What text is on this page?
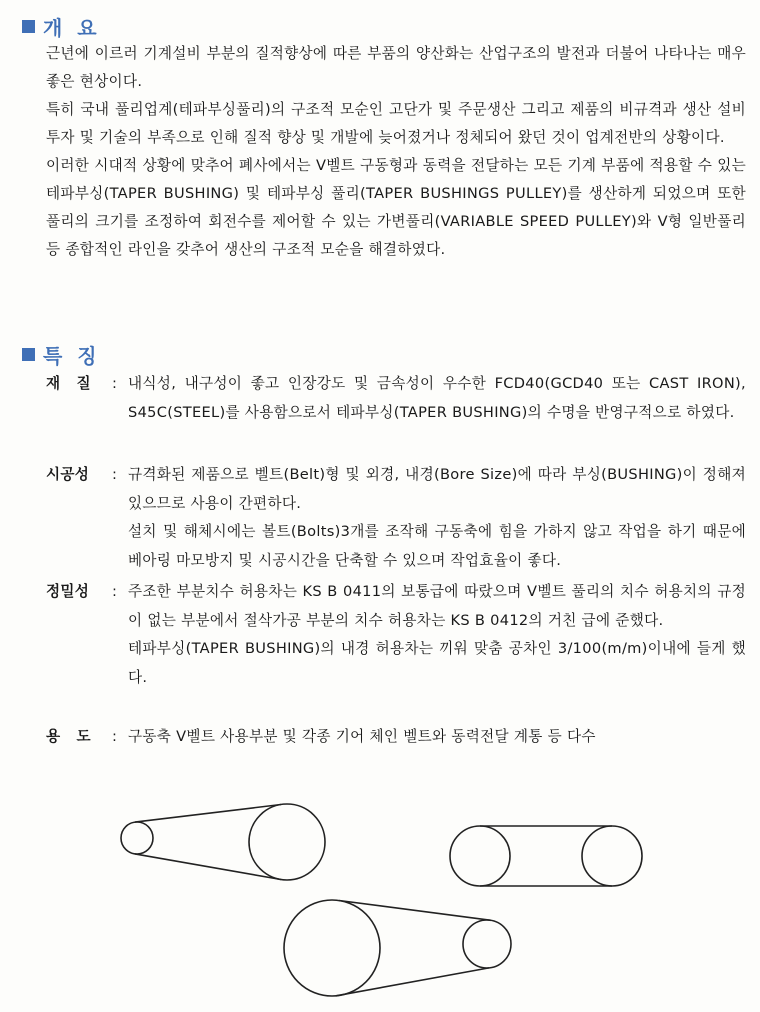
개 요

근년에 이르러 기계설비 부분의 질적향상에 따른 부품의 양산화는 산업구조의 발전과 더불어 나타나는 매우 좋은 현상이다.

특히 국내 풀리업계(테파부싱풀리)의 구조적 모순인 고단가 및 주문생산 그리고 제품의 비규격과 생산 설비투자 및 기술의 부족으로 인해 질적 향상 및 개발에 늦어졌거나 정체되어 왔던 것이 업계전반의 상황이다.

이러한 시대적 상황에 맞추어 폐사에서는 V벨트 구동형과 동력을 전달하는 모든 기계 부품에 적용할 수 있는 테파부싱(TAPER BUSHING) 및 테파부싱 풀리(TAPER BUSHINGS PULLEY)를 생산하게 되었으며 또한 풀리의 크기를 조정하여 회전수를 제어할 수 있는 가변풀리(VARIABLE SPEED PULLEY)와 V형 일반풀리 등 종합적인 라인을 갖추어 생산의 구조적 모순을 해결하였다.

특 징
재   질	: 내식성, 내구성이 좋고 인장강도 및 금속성이 우수한 FCD40(GCD40 또는 CAST IRON), S45C(STEEL)를 사용함으로서 테파부싱(TAPER BUSHING)의 수명을 반영구적으로 하였다.

시공성	: 규격화된 제품으로 벨트(Belt)형 및 외경, 내경(Bore Size)에 따라 부싱(BUSHING)이 정해져 있으므로 사용이 간편하다.

설치 및 해체시에는 볼트(Bolts)3개를 조작해 구동축에 힘을 가하지 않고 작업을 하기 때문에 베아링 마모방지 및 시공시간을 단축할 수 있으며 작업효율이 좋다.

정밀성	: 주조한 부분치수 허용차는 KS B 0411의 보통급에 따랐으며 V벨트 풀리의 치수 허용치의 규정이 없는 부분에서 절삭가공 부분의 치수 허용차는 KS B 0412의 거친 급에 준했다.

테파부싱(TAPER BUSHING)의 내경 허용차는 끼워 맞춤 공차인 3/100(m/m)이내에 들게 했다.

용   도	: 구동축 V벨트 사용부분 및 각종 기어 체인 벨트와 동력전달 계통 등 다수
